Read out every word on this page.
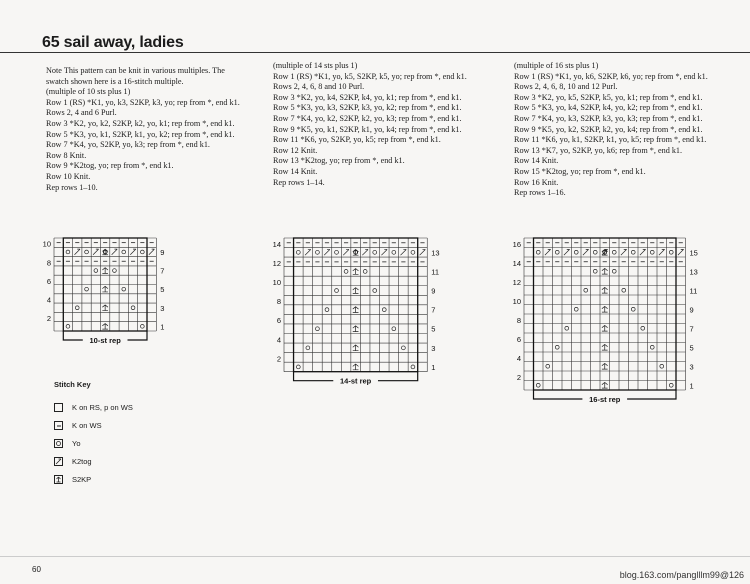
65 sail away, ladies
Note This pattern can be knit in various multiples. The
swatch shown here is a 16-stitch multiple.
(multiple of 10 sts plus 1)
Row 1 (RS) *K1, yo, k3, S2KP, k3, yo; rep from *, end k1.
Rows 2, 4 and 6 Purl.
Row 3 *K2, yo, k2, S2KP, k2, yo, k1; rep from *, end k1.
Row 5 *K3, yo, k1, S2KP, k1, yo, k2; rep from *, end k1.
Row 7 *K4, yo, S2KP, yo, k3; rep from *, end k1.
Row 8 Knit.
Row 9 *K2tog, yo; rep from *, end k1.
Row 10 Knit.
Rep rows 1–10.
(multiple of 14 sts plus 1)
Row 1 (RS) *K1, yo, k5, S2KP, k5, yo; rep from *, end k1.
Rows 2, 4, 6, 8 and 10 Purl.
Row 3 *K2, yo, k4, S2KP, k4, yo, k1; rep from *, end k1.
Row 5 *K3, yo, k3, S2KP, k3, yo, k2; rep from *, end k1.
Row 7 *K4, yo, k2, S2KP, k2, yo, k3; rep from *, end k1.
Row 9 *K5, yo, k1, S2KP, k1, yo, k4; rep from *, end k1.
Row 11 *K6, yo, S2KP, yo, k5; rep from *, end k1.
Row 12 Knit.
Row 13 *K2tog, yo; rep from *, end k1.
Row 14 Knit.
Rep rows 1–14.
(multiple of 16 sts plus 1)
Row 1 (RS) *K1, yo, k6, S2KP, k6, yo; rep from *, end k1.
Rows 2, 4, 6, 8, 10 and 12 Purl.
Row 3 *K2, yo, k5, S2KP, k5, yo, k1; rep from *, end k1.
Row 5 *K3, yo, k4, S2KP, k4, yo, k2; rep from *, end k1.
Row 7 *K4, yo, k3, S2KP, k3, yo, k3; rep from *, end k1.
Row 9 *K5, yo, k2, S2KP, k2, yo, k4; rep from *, end k1.
Row 11 *K6, yo, k1, S2KP, k1, yo, k5; rep from *, end k1.
Row 13 *K7, yo, S2KP, yo, k6; rep from *, end k1.
Row 14 Knit.
Row 15 *K2tog, yo; rep from *, end k1.
Row 16 Knit.
Rep rows 1–16.
10
8
6
4
2
9
7
5
3
1
10-st rep
14
12
10
8
6
4
2
13
11
9
7
5
3
1
14-st rep
16
14
12
10
8
6
4
2
15
13
11
9
7
5
3
1
16-st rep
Stitch Key
K on RS, p on WS
K on WS
Yo
K2tog
S2KP
60
blog.163.com/panglllm99@126
